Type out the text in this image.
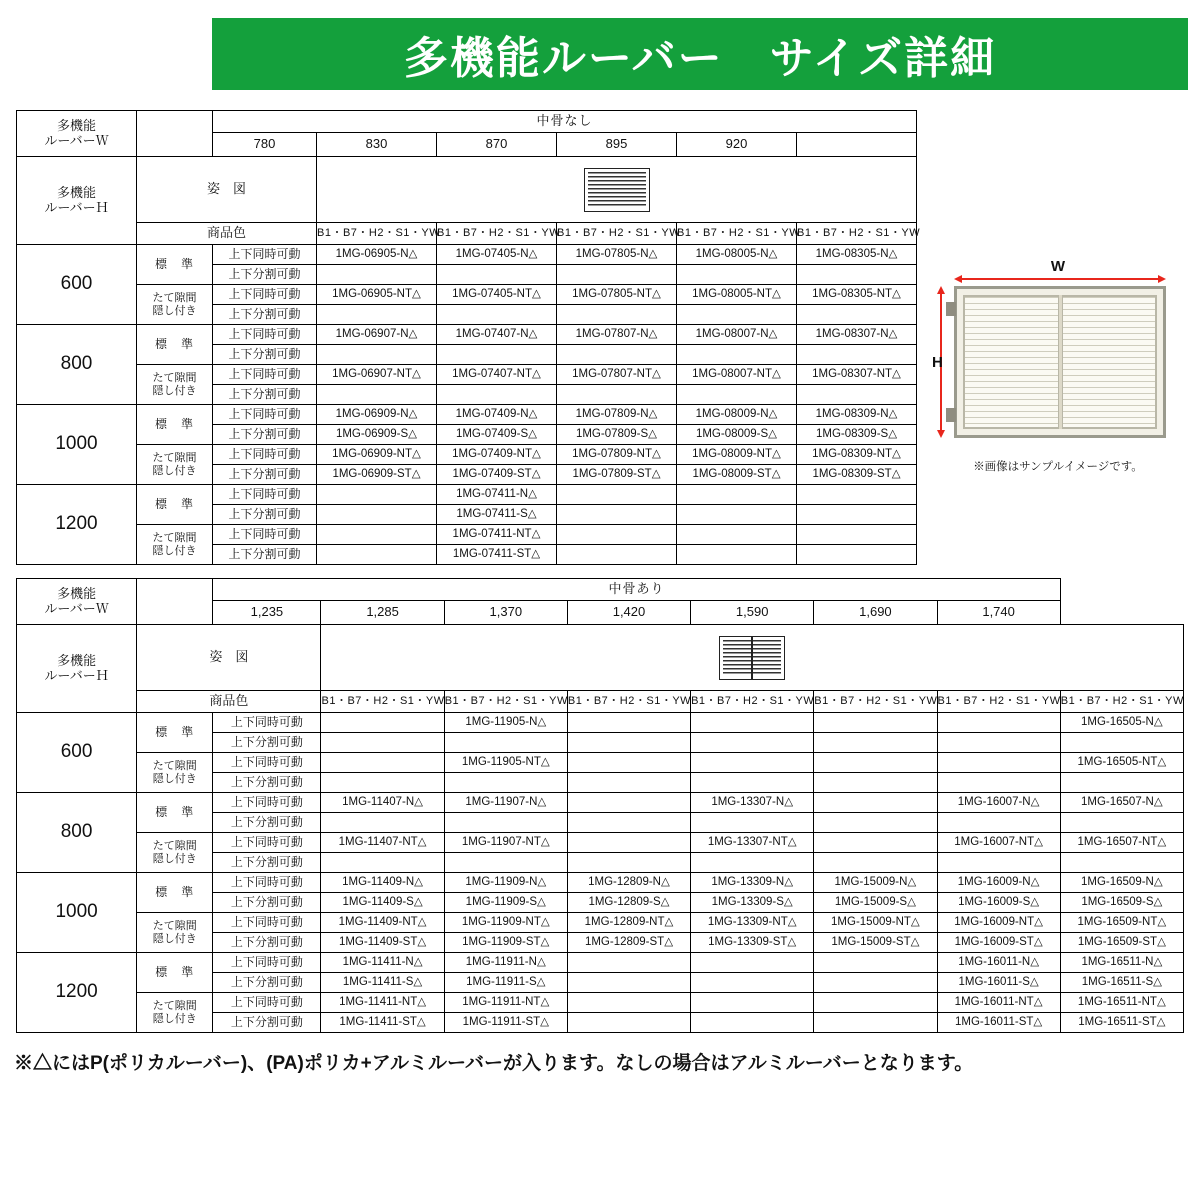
多機能ルーバー　サイズ詳細
多機能
ルーバーＷ		中骨なし						
		780	830	870	895	920		

多機能
ルーバーＨ	姿　図							

	商品色		B1・B7・H2・S1・YW	B1・B7・H2・S1・YW	B1・B7・H2・S1・YW	B1・B7・H2・S1・YW	B1・B7・H2・S1・YW	
600	標　準	上下同時可動	1MG-06905-N△	1MG-07405-N△	1MG-07805-N△	1MG-08005-N△	1MG-08305-N△	
		上下分割可動						

	たて隙間
隠し付き	上下同時可動	1MG-06905-NT△	1MG-07405-NT△	1MG-07805-NT△	1MG-08005-NT△	1MG-08305-NT△	
		上下分割可動						
800	標　準	上下同時可動	1MG-06907-N△	1MG-07407-N△	1MG-07807-N△	1MG-08007-N△	1MG-08307-N△	
		上下分割可動						

	たて隙間
隠し付き	上下同時可動	1MG-06907-NT△	1MG-07407-NT△	1MG-07807-NT△	1MG-08007-NT△	1MG-08307-NT△	
		上下分割可動						
1000	標　準	上下同時可動	1MG-06909-N△	1MG-07409-N△	1MG-07809-N△	1MG-08009-N△	1MG-08309-N△	
		上下分割可動	1MG-06909-S△	1MG-07409-S△	1MG-07809-S△	1MG-08009-S△	1MG-08309-S△	

	たて隙間
隠し付き	上下同時可動	1MG-06909-NT△	1MG-07409-NT△	1MG-07809-NT△	1MG-08009-NT△	1MG-08309-NT△	
		上下分割可動	1MG-06909-ST△	1MG-07409-ST△	1MG-07809-ST△	1MG-08009-ST△	1MG-08309-ST△	
1200	標　準	上下同時可動		1MG-07411-N△				
		上下分割可動		1MG-07411-S△				

	たて隙間
隠し付き	上下同時可動		1MG-07411-NT△				
		上下分割可動		1MG-07411-ST△				
多機能
ルーバーＷ		中骨あり							
		1,235	1,285	1,370	1,420	1,590	1,690	1,740	

多機能
ルーバーＨ	姿　図								

	商品色		B1・B7・H2・S1・YW	B1・B7・H2・S1・YW	B1・B7・H2・S1・YW	B1・B7・H2・S1・YW	B1・B7・H2・S1・YW	B1・B7・H2・S1・YW	B1・B7・H2・S1・YW
600	標　準	上下同時可動		1MG-11905-N△					1MG-16505-N△
		上下分割可動							

	たて隙間
隠し付き	上下同時可動		1MG-11905-NT△					1MG-16505-NT△
		上下分割可動							
800	標　準	上下同時可動	1MG-11407-N△	1MG-11907-N△		1MG-13307-N△		1MG-16007-N△	1MG-16507-N△
		上下分割可動							

	たて隙間
隠し付き	上下同時可動	1MG-11407-NT△	1MG-11907-NT△		1MG-13307-NT△		1MG-16007-NT△	1MG-16507-NT△
		上下分割可動							
1000	標　準	上下同時可動	1MG-11409-N△	1MG-11909-N△	1MG-12809-N△	1MG-13309-N△	1MG-15009-N△	1MG-16009-N△	1MG-16509-N△
		上下分割可動	1MG-11409-S△	1MG-11909-S△	1MG-12809-S△	1MG-13309-S△	1MG-15009-S△	1MG-16009-S△	1MG-16509-S△

	たて隙間
隠し付き	上下同時可動	1MG-11409-NT△	1MG-11909-NT△	1MG-12809-NT△	1MG-13309-NT△	1MG-15009-NT△	1MG-16009-NT△	1MG-16509-NT△
		上下分割可動	1MG-11409-ST△	1MG-11909-ST△	1MG-12809-ST△	1MG-13309-ST△	1MG-15009-ST△	1MG-16009-ST△	1MG-16509-ST△
1200	標　準	上下同時可動	1MG-11411-N△	1MG-11911-N△				1MG-16011-N△	1MG-16511-N△
		上下分割可動	1MG-11411-S△	1MG-11911-S△				1MG-16011-S△	1MG-16511-S△

	たて隙間
隠し付き	上下同時可動	1MG-11411-NT△	1MG-11911-NT△				1MG-16011-NT△	1MG-16511-NT△
		上下分割可動	1MG-11411-ST△	1MG-11911-ST△				1MG-16011-ST△	1MG-16511-ST△
W
H
※画像はサンプルイメージです。
※△にはP(ポリカルーバー)、(PA)ポリカ+アルミルーバーが入ります。なしの場合はアルミルーバーとなります。
